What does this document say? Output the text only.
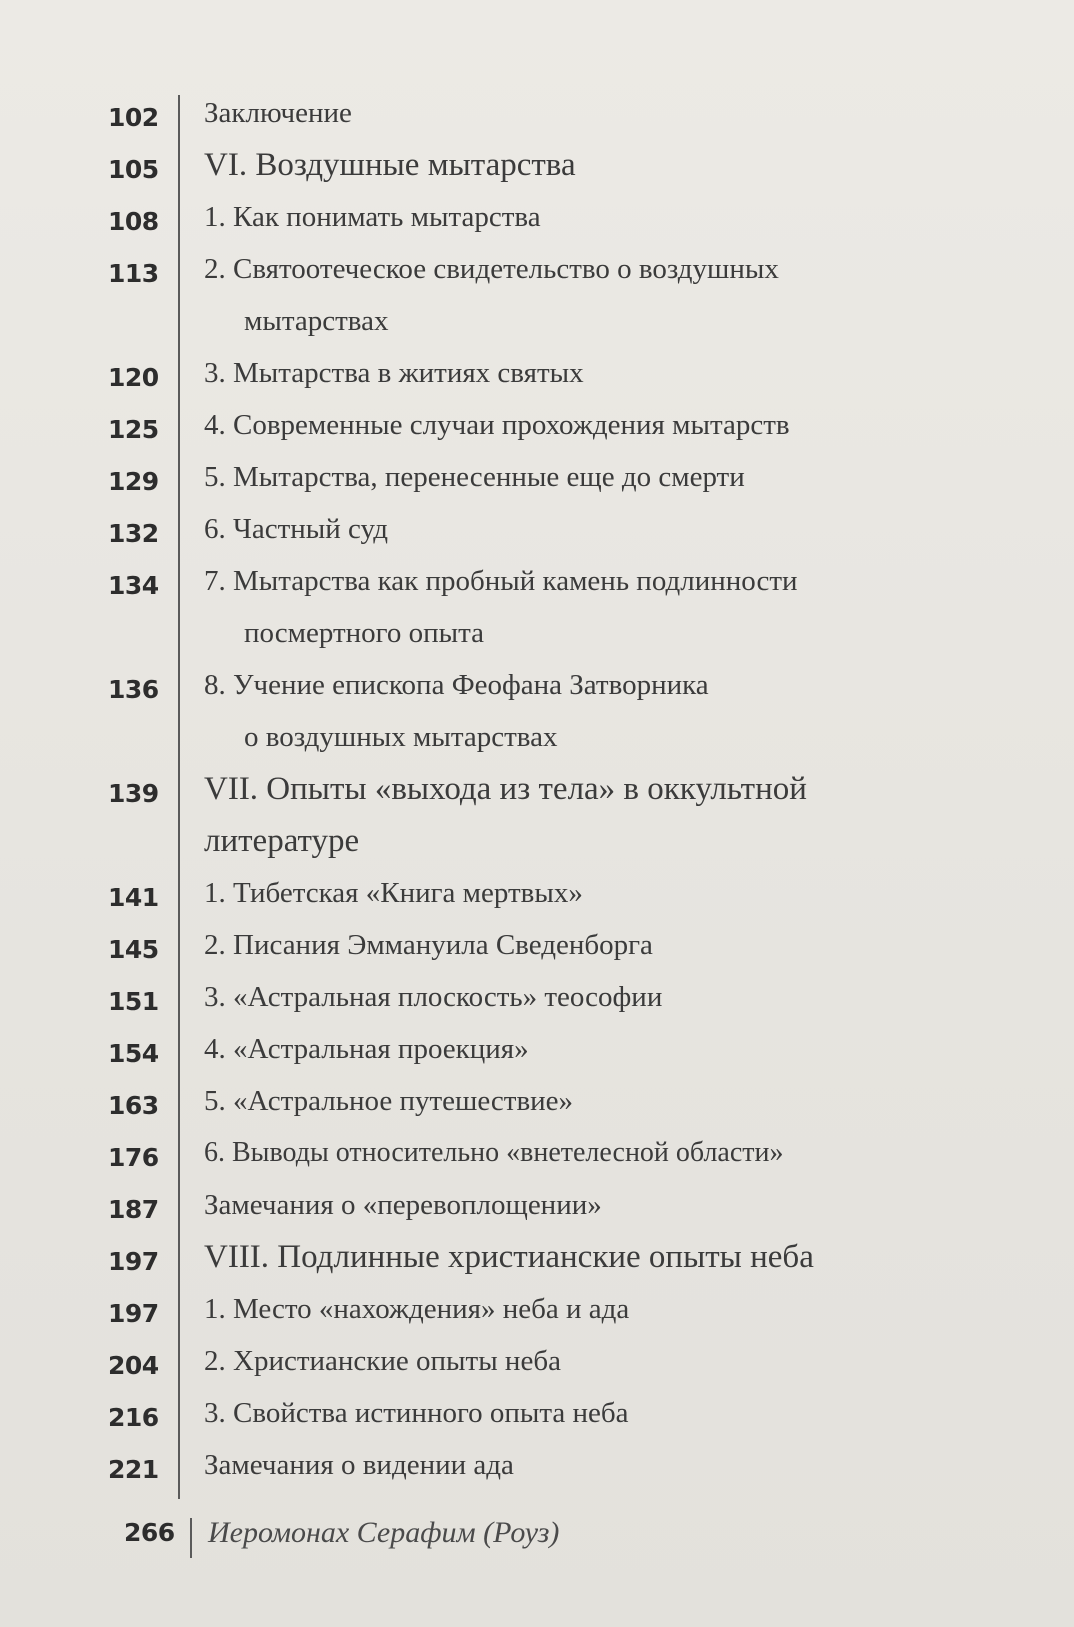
102 Заключение
105 VI. Воздушные мытарства
108 1. Как понимать мытарства
113 2. Святоотеческое свидетельство о воздушных
мытарствах
120 3. Мытарства в житиях святых
125 4. Современные случаи прохождения мытарств
129 5. Мытарства, перенесенные еще до смерти
132 6. Частный суд
134 7. Мытарства как пробный камень подлинности
посмертного опыта
136 8. Учение епископа Феофана Затворника
о воздушных мытарствах
139 VII. Опыты «выхода из тела» в оккультной
литературе
141 1. Тибетская «Книга мертвых»
145 2. Писания Эммануила Сведенборга
151 3. «Астральная плоскость» теософии
154 4. «Астральная проекция»
163 5. «Астральное путешествие»
176 6. Выводы относительно «внетелесной области»
187 Замечания о «перевоплощении»
197 VIII. Подлинные христианские опыты неба
197 1. Место «нахождения» неба и ада
204 2. Христианские опыты неба
216 3. Свойства истинного опыта неба
221 Замечания о видении ада
266 Иеромонах Серафим (Роуз)
